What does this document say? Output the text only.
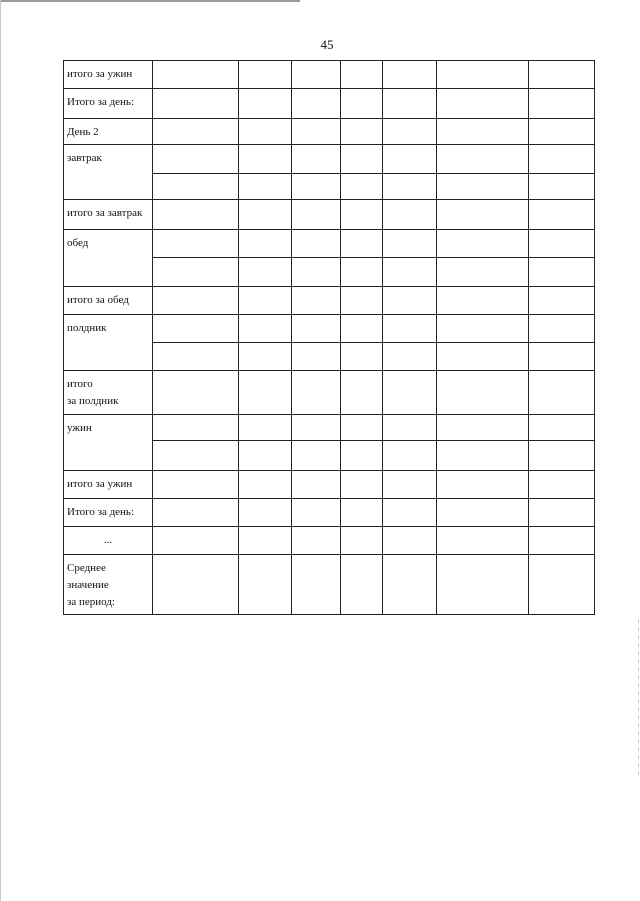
45
итого за ужин							
Итого за день:							
День 2							
завтрак							

итого за завтрак							
обед							

итого за обед							
полдник							

итого
за полдник							

ужин							

итого за ужин							
Итого за день:							
...							

Среднее
значение
за период:							
